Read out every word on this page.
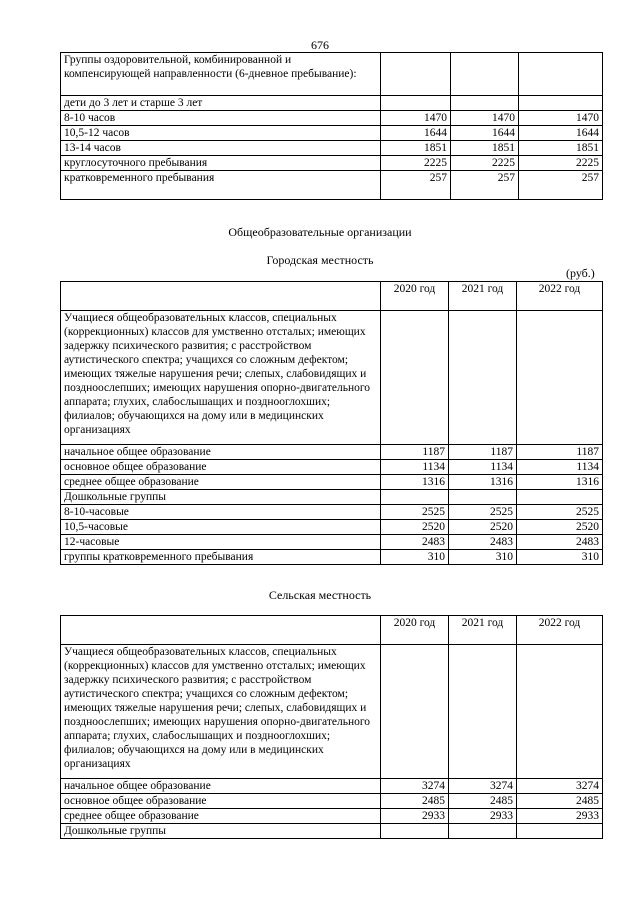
676
Группы оздоровительной, комбинированной и компенсирующей направленности (6-дневное пребывание):			
дети до 3 лет и старше 3 лет			
8-10 часов	1470	1470	1470
10,5-12 часов	1644	1644	1644
13-14 часов	1851	1851	1851
круглосуточного пребывания	2225	2225	2225
кратковременного пребывания	257	257	257
Общеобразовательные организации
Городская местность
(руб.)
	2020 год	2021 год	2022 год
Учащиеся общеобразовательных классов, специальных (коррекционных) классов для умственно отсталых; имеющих задержку психического развития; с расстройством аутистического спектра; учащихся со сложным дефектом; имеющих тяжелые нарушения речи; слепых, слабовидящих и поздноослепших; имеющих нарушения опорно-двигательного аппарата; глухих, слабослышащих и позднооглохших; филиалов; обучающихся на дому или в медицинских организациях			
начальное общее образование	1187	1187	1187
основное общее образование	1134	1134	1134
среднее общее образование	1316	1316	1316
Дошкольные группы			
8-10-часовые	2525	2525	2525
10,5-часовые	2520	2520	2520
12-часовые	2483	2483	2483
группы кратковременного пребывания	310	310	310
Сельская местность
	2020 год	2021 год	2022 год
Учащиеся общеобразовательных классов, специальных (коррекционных) классов для умственно отсталых; имеющих задержку психического развития; с расстройством аутистического спектра; учащихся со сложным дефектом; имеющих тяжелые нарушения речи; слепых, слабовидящих и поздноослепших; имеющих нарушения опорно-двигательного аппарата; глухих, слабослышащих и позднооглохших; филиалов; обучающихся на дому или в медицинских организациях			
начальное общее образование	3274	3274	3274
основное общее образование	2485	2485	2485
среднее общее образование	2933	2933	2933
Дошкольные группы			
